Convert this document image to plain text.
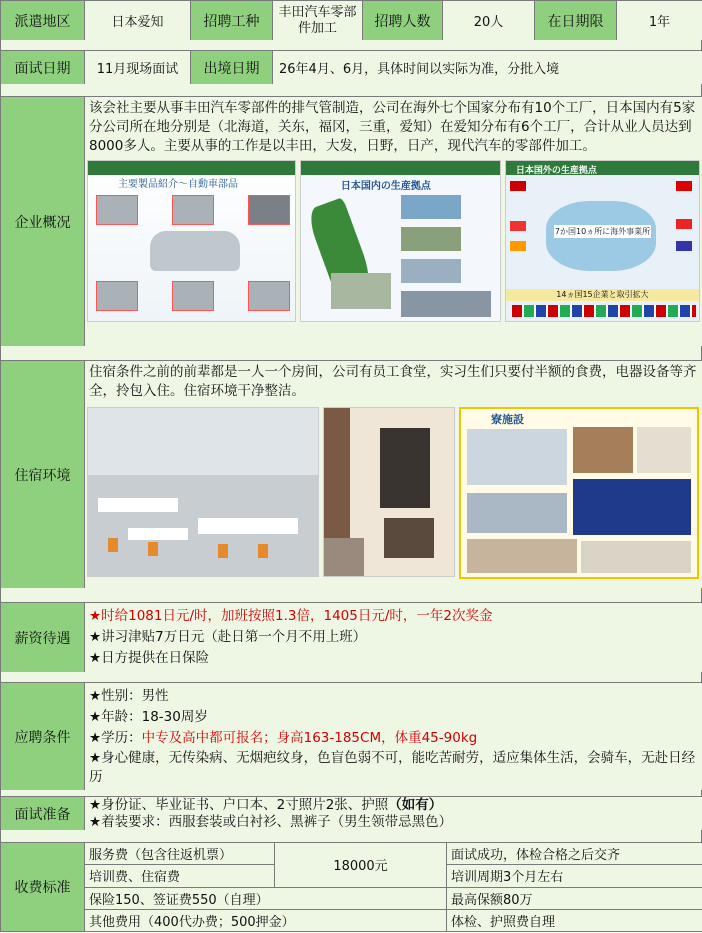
派遣地区	日本爱知	招聘工种	丰田汽车零部件加工	招聘人数	20人	在日期限	1年
面试日期	11月现场面试	出境日期	26年4月、6月，具体时间以实际为准，分批入境
企业概况	
该会社主要从事丰田汽车零部件的排气管制造，公司在海外七个国家分布有10个工厂，日本国内有5家分公司所在地分别是（北海道，关东，福冈，三重，爱知）在爱知分布有6个工厂，合计从业人员达到8000多人。主要从事的工作是以丰田，大发，日野，日产，现代汽车的零部件加工。
主要製品紹介～自動車部品	日本国内の生産拠点
日本国外の生産拠点
7か国10ヵ所に海外事業所
14ヵ国15企業と取引拡大
住宿环境	
住宿条件之前的前辈都是一人一个房间，公司有员工食堂，实习生们只要付半额的食费，电器设备等齐全，拎包入住。住宿环境干净整洁。
寮施設
薪资待遇	
★时给1081日元/时，加班按照1.3倍，1405日元/时，一年2次奖金
★讲习津贴7万日元（赴日第一个月不用上班）
★日方提供在日保险
应聘条件	
★性别：男性
★年龄：18-30周岁
★学历：中专及高中都可报名；身高163-185CM，体重45-90kg
★身心健康，无传染病、无烟疤纹身，色盲色弱不可，能吃苦耐劳，适应集体生活，会骑车，无赴日经历
面试准备	
★身份证、毕业证书、户口本、2寸照片2张、护照（如有）
★着装要求：西服套装或白衬衫、黑裤子（男生领带忌黑色）
收费标准	服务费（包含往返机票）	18000元	面试成功，体检合格之后交齐
	培训费、住宿费		培训周期3个月左右
	保险150、签证费550（自理）		最高保额80万
	其他费用（400代办费；500押金）		体检、护照费自理
